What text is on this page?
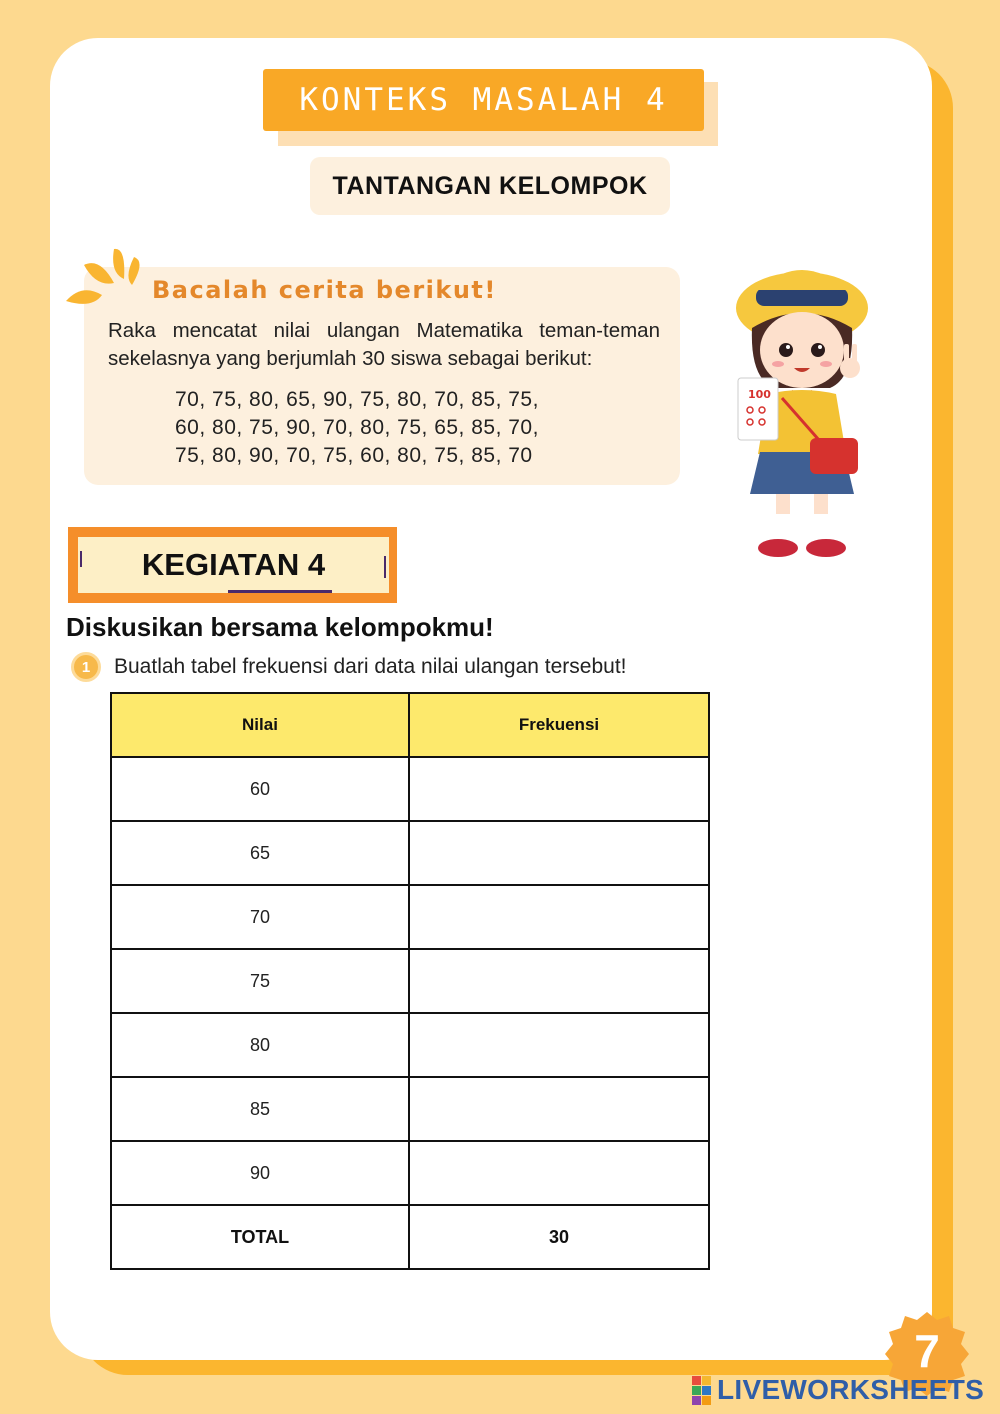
KONTEKS MASALAH 4
TANTANGAN KELOMPOK
Bacalah cerita berikut!
Raka mencatat nilai ulangan Matematika teman-teman sekelasnya yang berjumlah 30 siswa sebagai berikut:
70, 75, 80, 65, 90, 75, 80, 70, 85, 75,
60, 80, 75, 90, 70, 80, 75, 65, 85, 70,
75, 80, 90, 70, 75, 60, 80, 75, 85, 70
100
KEGIATAN 4
Diskusikan bersama kelompokmu!
1	Buatlah tabel frekuensi dari data nilai ulangan tersebut!
Nilai	Frekuensi
60	
65	
70	
75	
80	
85	
90	
TOTAL	30
7
LIVEWORKSHEETS
